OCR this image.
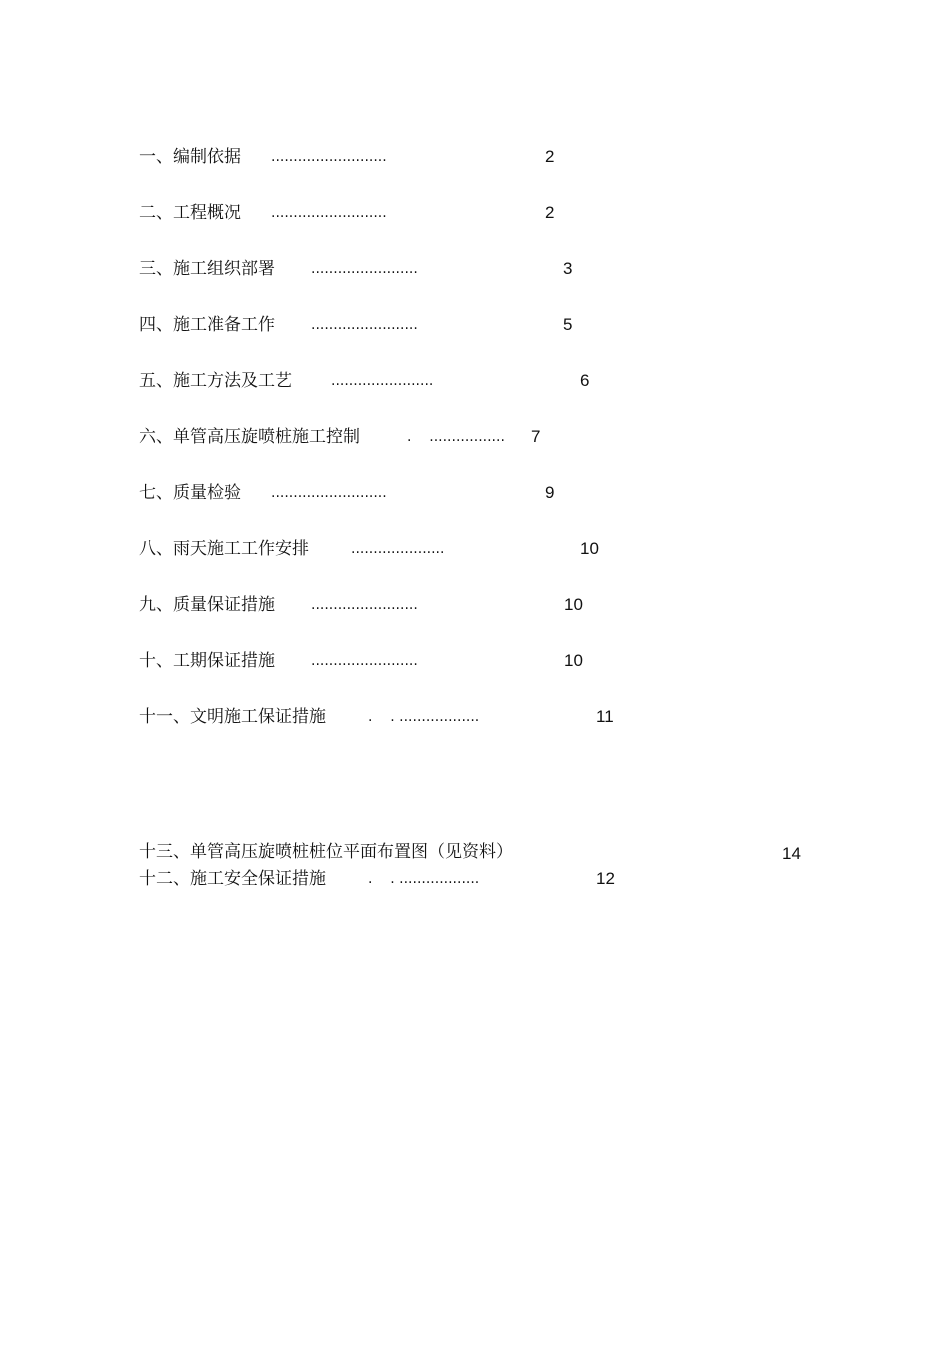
一、编制依据 ..........................	2
二、工程概况 ..........................	2
三、施工组织部署	........................	3
四、施工准备工作	........................	5
五、施工方法及工艺	.......................	6
六、单管高压旋喷桩施工控制	.    ................. 7
七、质量检验 ..........................	9
八、雨天施工工作安排	.....................	10
九、质量保证措施	........................	10
十、工期保证措施	........................	10
十一、文明施工保证措施	.    . ..................	11
十三、单管高压旋喷桩桩位平面布置图（见资料）	14
十二、施工安全保证措施	.    . ..................	12
